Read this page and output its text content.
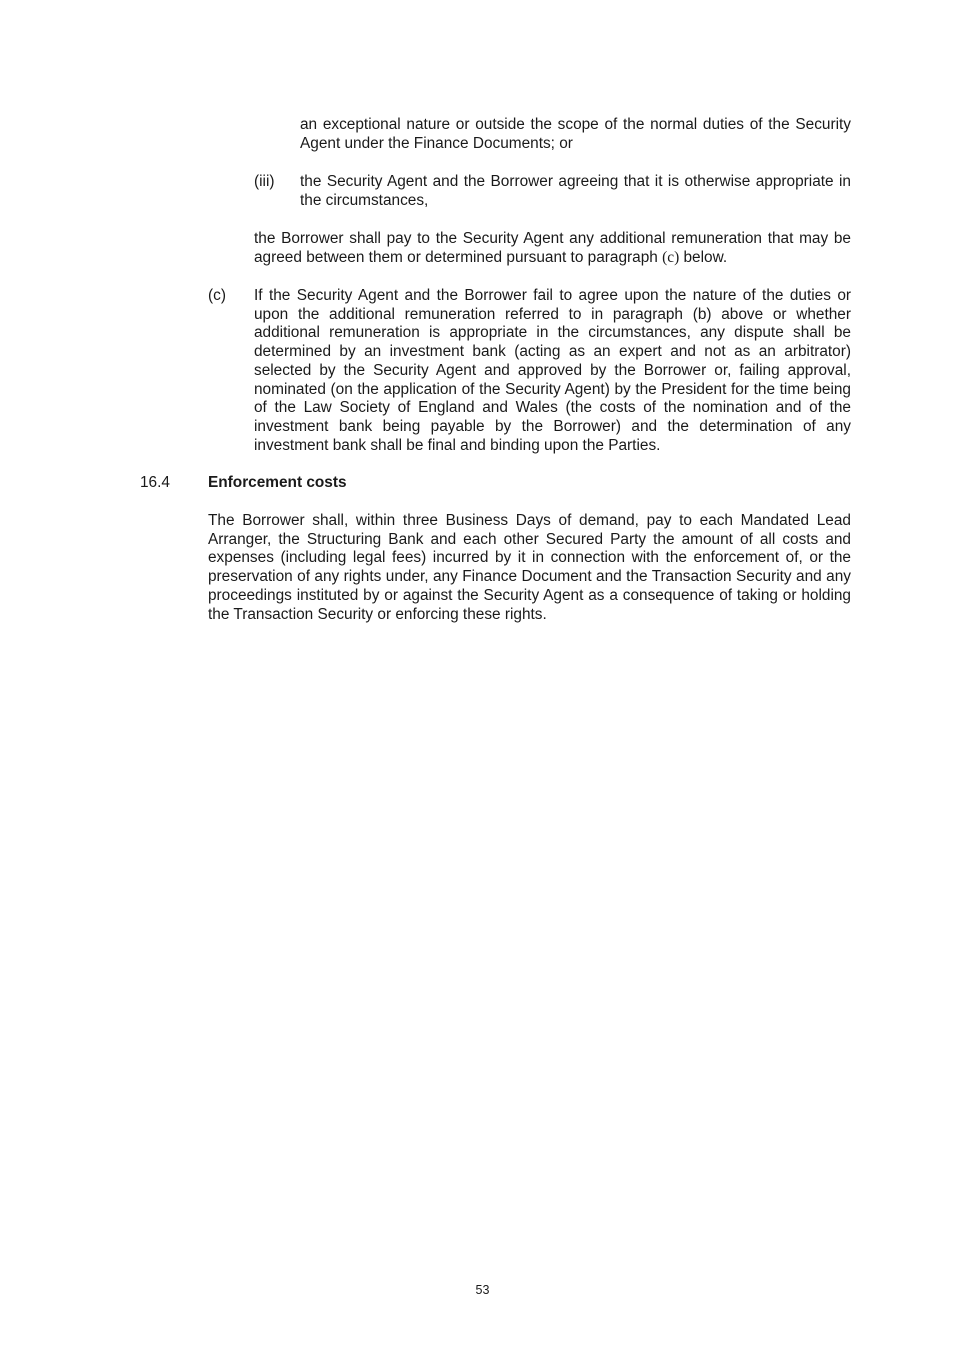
an exceptional nature or outside the scope of the normal duties of the Security Agent under the Finance Documents; or

(iii) the Security Agent and the Borrower agreeing that it is otherwise appropriate in the circumstances,

the Borrower shall pay to the Security Agent any additional remuneration that may be agreed between them or determined pursuant to paragraph (c) below.

(c) If the Security Agent and the Borrower fail to agree upon the nature of the duties or upon the additional remuneration referred to in paragraph (b) above or whether additional remuneration is appropriate in the circumstances, any dispute shall be determined by an investment bank (acting as an expert and not as an arbitrator) selected by the Security Agent and approved by the Borrower or, failing approval, nominated (on the application of the Security Agent) by the President for the time being of the Law Society of England and Wales (the costs of the nomination and of the investment bank being payable by the Borrower) and the determination of any investment bank shall be final and binding upon the Parties.

16.4 Enforcement costs

The Borrower shall, within three Business Days of demand, pay to each Mandated Lead Arranger, the Structuring Bank and each other Secured Party the amount of all costs and expenses (including legal fees) incurred by it in connection with the enforcement of, or the preservation of any rights under, any Finance Document and the Transaction Security and any proceedings instituted by or against the Security Agent as a consequence of taking or holding the Transaction Security or enforcing these rights.

53
